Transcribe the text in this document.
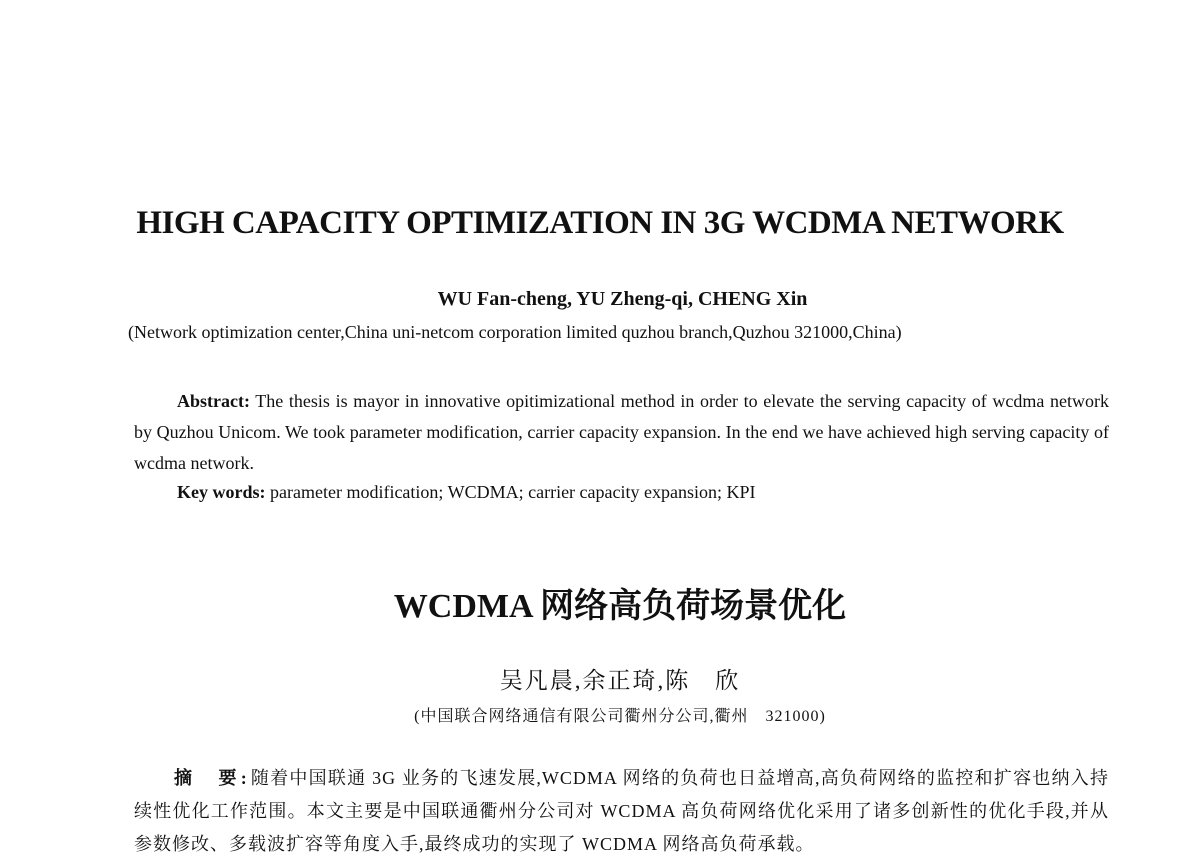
HIGH CAPACITY OPTIMIZATION IN 3G WCDMA NETWORK
WU Fan-cheng, YU Zheng-qi, CHENG Xin
(Network optimization center,China uni-netcom corporation limited quzhou branch,Quzhou 321000,China)
Abstract: The thesis is mayor in innovative opitimizational method in order to elevate the serving capacity of wcdma network by Quzhou Unicom. We took parameter modification, carrier capacity expansion. In the end we have achieved high serving capacity of wcdma network.
Key words: parameter modification; WCDMA; carrier capacity expansion; KPI
WCDMA 网络高负荷场景优化
吴凡晨,余正琦,陈　欣
(中国联合网络通信有限公司衢州分公司,衢州　321000)
摘　要:随着中国联通 3G 业务的飞速发展,WCDMA 网络的负荷也日益增高,高负荷网络的监控和扩容也纳入持续性优化工作范围。本文主要是中国联通衢州分公司对 WCDMA 高负荷网络优化采用了诸多创新性的优化手段,并从参数修改、多载波扩容等角度入手,最终成功的实现了 WCDMA 网络高负荷承载。
